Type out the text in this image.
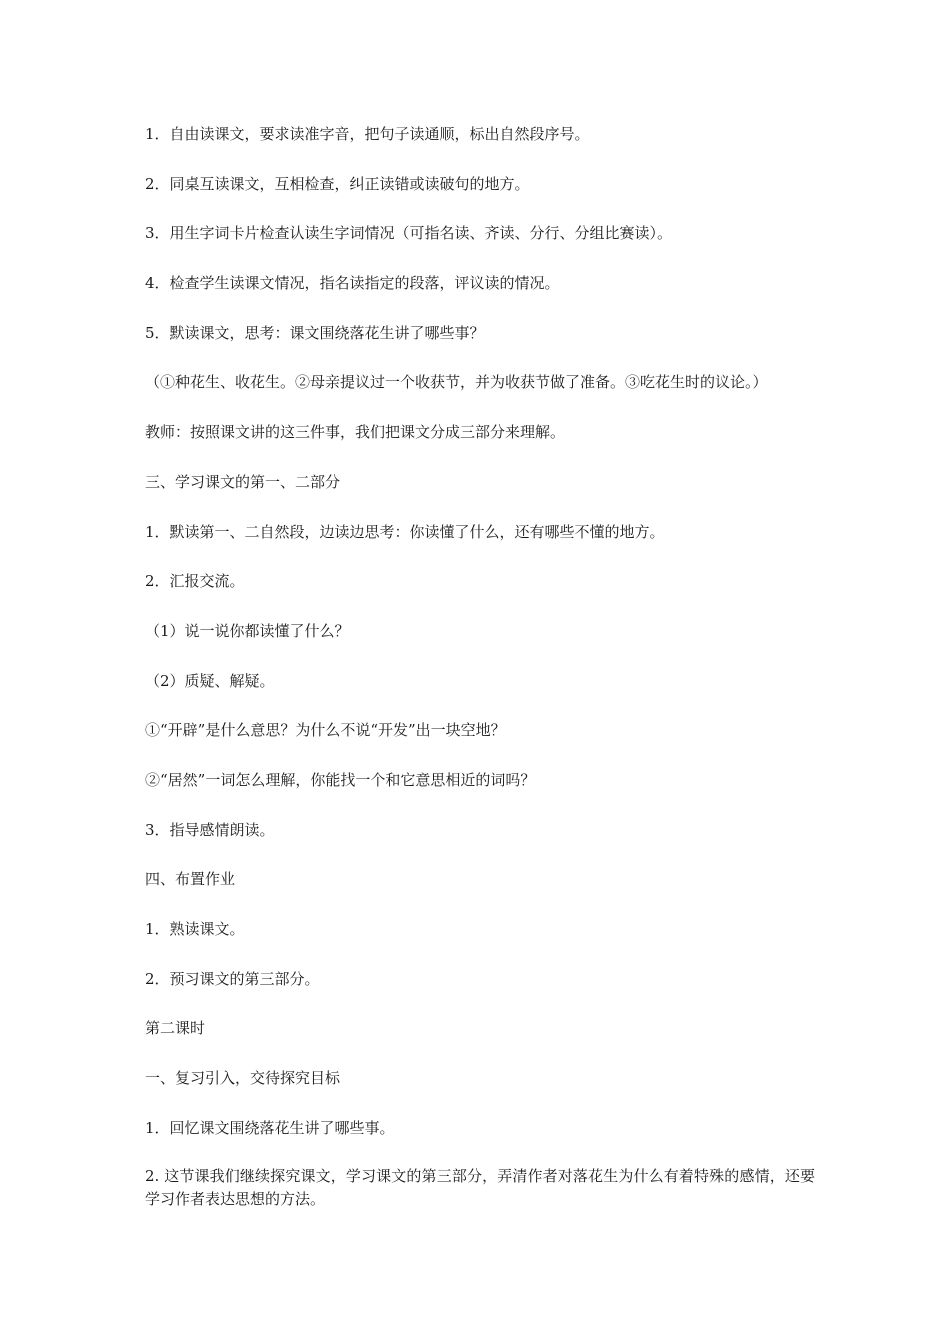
1．自由读课文，要求读准字音，把句子读通顺，标出自然段序号。

2．同桌互读课文，互相检查，纠正读错或读破句的地方。

3．用生字词卡片检查认读生字词情况（可指名读、齐读、分行、分组比赛读）。

4．检查学生读课文情况，指名读指定的段落，评议读的情况。

5．默读课文，思考：课文围绕落花生讲了哪些事？

（①种花生、收花生。②母亲提议过一个收获节，并为收获节做了准备。③吃花生时的议论。）

教师：按照课文讲的这三件事，我们把课文分成三部分来理解。

三、学习课文的第一、二部分

1．默读第一、二自然段，边读边思考：你读懂了什么，还有哪些不懂的地方。

2．汇报交流。

（1）说一说你都读懂了什么？

（2）质疑、解疑。

①“开辟”是什么意思？为什么不说“开发”出一块空地？

②“居然”一词怎么理解，你能找一个和它意思相近的词吗？

3．指导感情朗读。

四、布置作业

1．熟读课文。

2．预习课文的第三部分。

第二课时

一、复习引入，交待探究目标

1．回忆课文围绕落花生讲了哪些事。

2. 这节课我们继续探究课文，学习课文的第三部分，弄清作者对落花生为什么有着特殊的感情，还要学习作者表达思想的方法。
